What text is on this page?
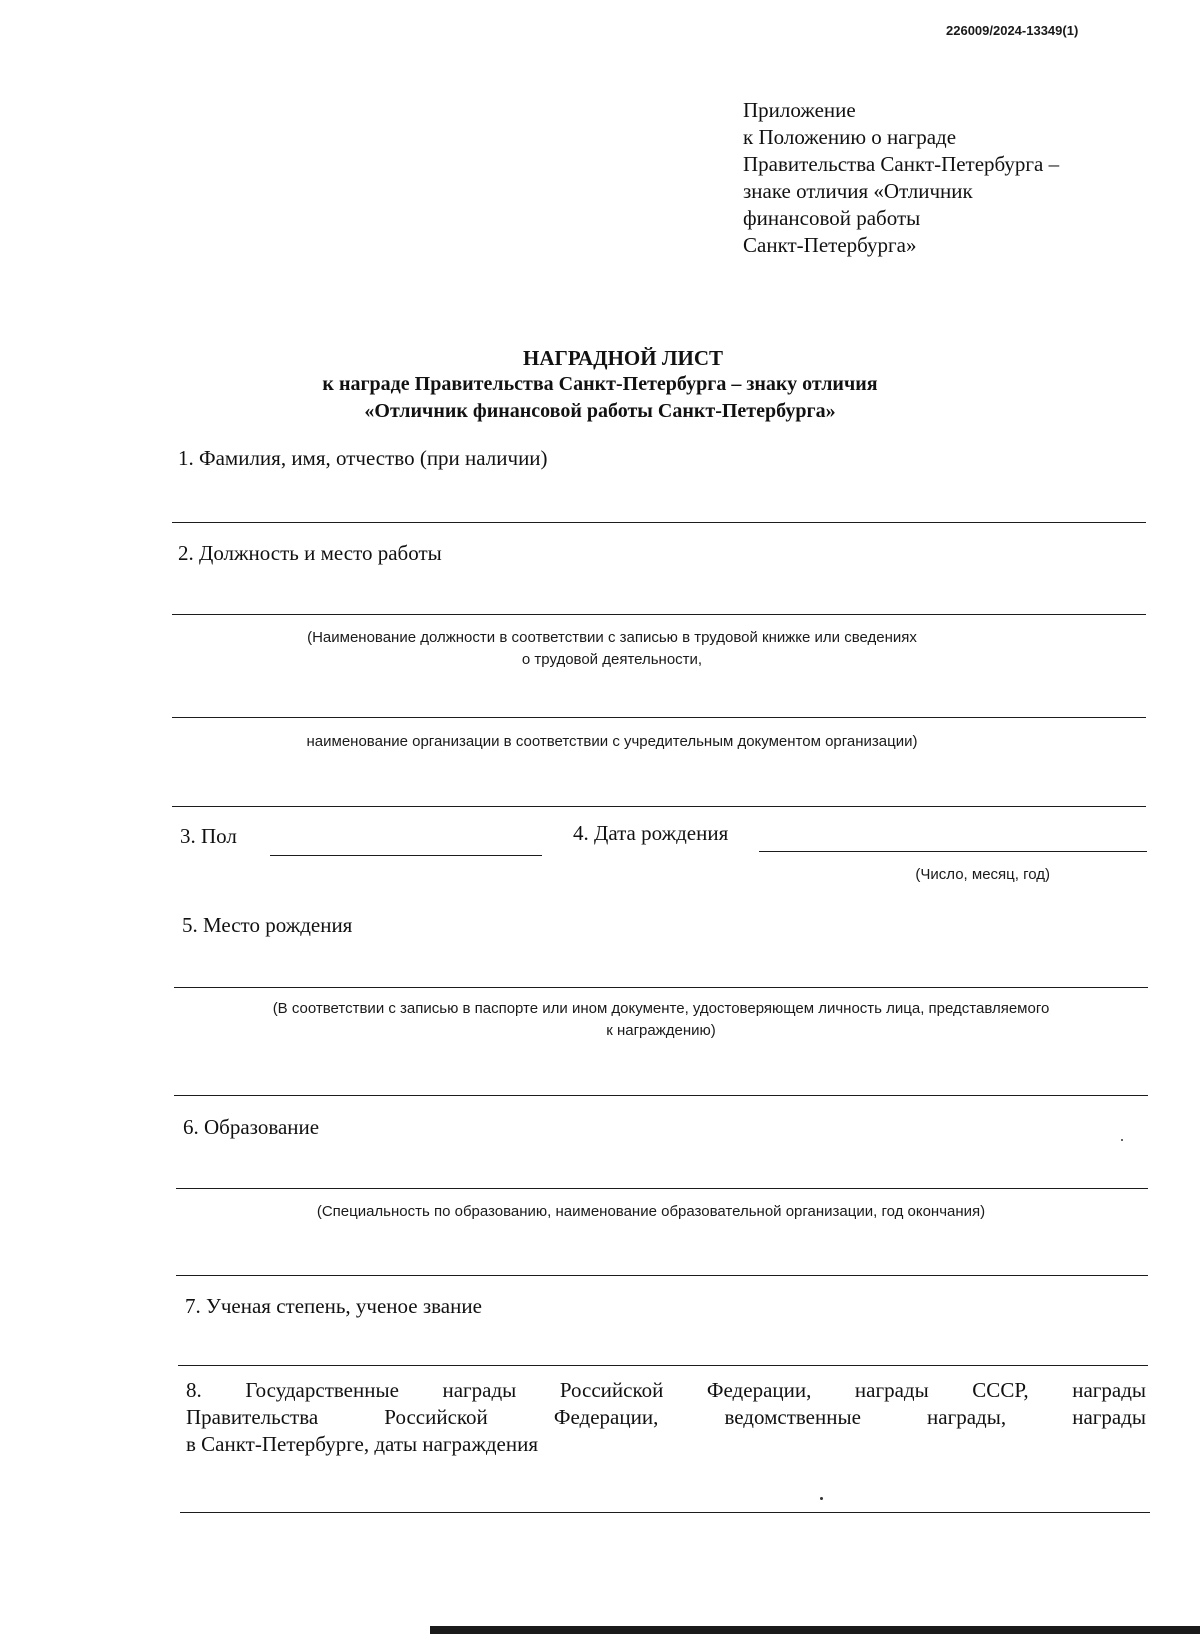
226009/2024-13349(1)
Приложение
к Положению о награде
Правительства Санкт-Петербурга –
знаке отличия «Отличник
финансовой работы
Санкт-Петербурга»
НАГРАДНОЙ ЛИСТ
к награде Правительства Санкт-Петербурга – знаку отличия
«Отличник финансовой работы Санкт-Петербурга»
1. Фамилия, имя, отчество (при наличии)
2. Должность и место работы
(Наименование должности в соответствии с записью в трудовой книжке или сведениях
о трудовой деятельности,
наименование организации в соответствии с учредительным документом организации)
3. Пол	4. Дата рождения
(Число, месяц, год)
5. Место рождения
(В соответствии с записью в паспорте или ином документе, удостоверяющем личность лица, представляемого
к награждению)
6. Образование
(Специальность по образованию, наименование образовательной организации, год окончания)
7. Ученая степень, ученое звание
8. Государственные награды Российской Федерации, награды СССР, награды
Правительства Российской Федерации, ведомственные награды, награды
в Санкт-Петербурге, даты награждения
